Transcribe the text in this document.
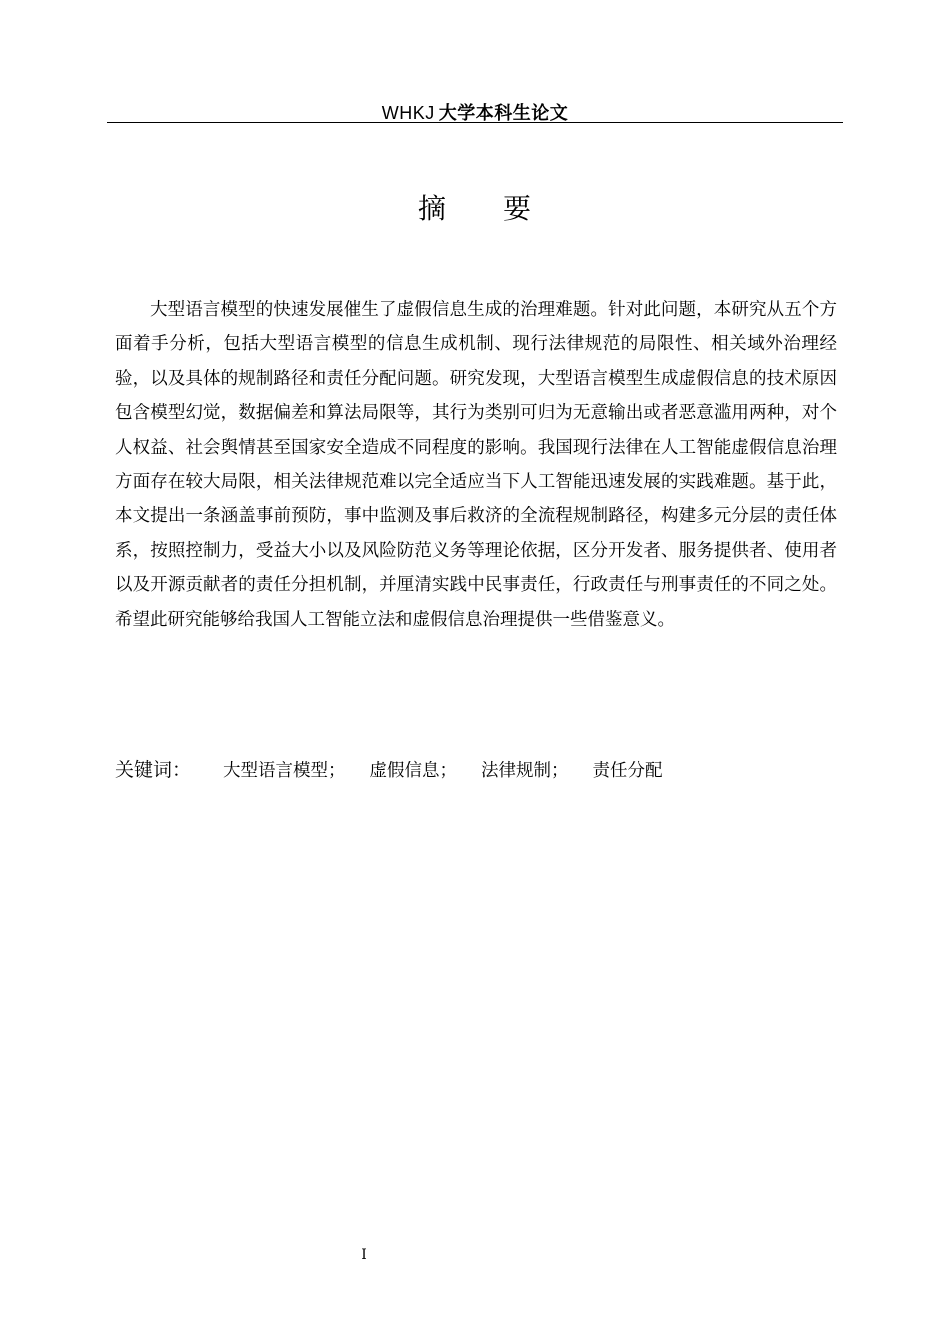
WHKJ 大学本科生论文
摘 要

大型语言模型的快速发展催生了虚假信息生成的治理难题。针对此问题，本研究从五个方面着手分析，包括大型语言模型的信息生成机制、现行法律规范的局限性、相关域外治理经验，以及具体的规制路径和责任分配问题。研究发现，大型语言模型生成虚假信息的技术原因包含模型幻觉，数据偏差和算法局限等，其行为类别可归为无意输出或者恶意滥用两种，对个人权益、社会舆情甚至国家安全造成不同程度的影响。我国现行法律在人工智能虚假信息治理方面存在较大局限，相关法律规范难以完全适应当下人工智能迅速发展的实践难题。基于此，本文提出一条涵盖事前预防，事中监测及事后救济的全流程规制路径，构建多元分层的责任体系，按照控制力，受益大小以及风险防范义务等理论依据，区分开发者、服务提供者、使用者以及开源贡献者的责任分担机制，并厘清实践中民事责任，行政责任与刑事责任的不同之处。希望此研究能够给我国人工智能立法和虚假信息治理提供一些借鉴意义。

关键词： 大型语言模型； 虚假信息； 法律规制； 责任分配
I
